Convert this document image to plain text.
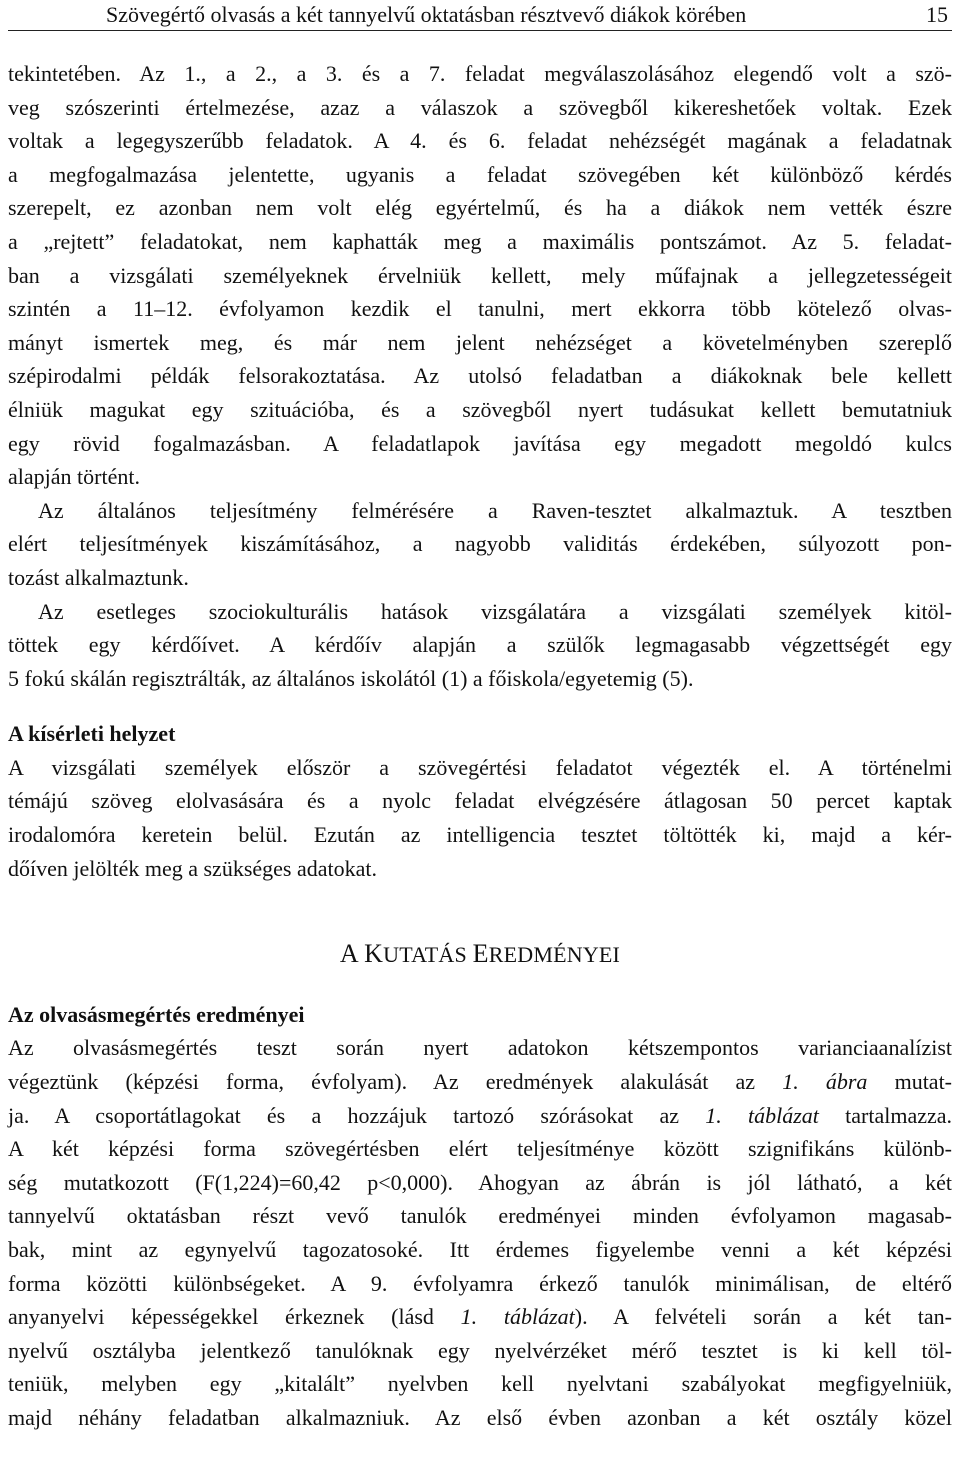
Szövegértő olvasás a két tannyelvű oktatásban résztvevő diákok körében	15
tekintetében. Az 1., a 2., a 3. és a 7. feladat megválaszolásához elegendő volt a szö-
veg szószerinti értelmezése, azaz a válaszok a szövegből kikereshetőek voltak. Ezek
voltak a legegyszerűbb feladatok. A 4. és 6. feladat nehézségét magának a feladatnak
a megfogalmazása jelentette, ugyanis a feladat szövegében két különböző kérdés
szerepelt, ez azonban nem volt elég egyértelmű, és ha a diákok nem vették észre
a „rejtett” feladatokat, nem kaphatták meg a maximális pontszámot. Az 5. feladat-
ban a vizsgálati személyeknek érvelniük kellett, mely műfajnak a jellegzetességeit
szintén a 11–12. évfolyamon kezdik el tanulni, mert ekkorra több kötelező olvas-
mányt ismertek meg, és már nem jelent nehézséget a követelményben szereplő
szépirodalmi példák felsorakoztatása. Az utolsó feladatban a diákoknak bele kellett
élniük magukat egy szituációba, és a szövegből nyert tudásukat kellett bemutatniuk
egy rövid fogalmazásban. A feladatlapok javítása egy megadott megoldó kulcs
alapján történt.
Az általános teljesítmény felmérésére a Raven-tesztet alkalmaztuk. A tesztben
elért teljesítmények kiszámításához, a nagyobb validitás érdekében, súlyozott pon-
tozást alkalmaztunk.
Az esetleges szociokulturális hatások vizsgálatára a vizsgálati személyek kitöl-
töttek egy kérdőívet. A kérdőív alapján a szülők legmagasabb végzettségét egy
5 fokú skálán regisztrálták, az általános iskolától (1) a főiskola/egyetemig (5).
A kísérleti helyzet
A vizsgálati személyek először a szövegértési feladatot végezték el. A történelmi
témájú szöveg elolvasására és a nyolc feladat elvégzésére átlagosan 50 percet kaptak
irodalomóra keretein belül. Ezután az intelligencia tesztet töltötték ki, majd a kér-
dőíven jelölték meg a szükséges adatokat.
A KUTATÁS EREDMÉNYEI
Az olvasásmegértés eredményei
Az olvasásmegértés teszt során nyert adatokon kétszempontos varianciaanalízist
végeztünk (képzési forma, évfolyam). Az eredmények alakulását az 1. ábra mutat-
ja. A csoportátlagokat és a hozzájuk tartozó szórásokat az 1. táblázat tartalmazza.
A két képzési forma szövegértésben elért teljesítménye között szignifikáns különb-
ség mutatkozott (F(1,224)=60,42 p<0,000). Ahogyan az ábrán is jól látható, a két
tannyelvű oktatásban részt vevő tanulók eredményei minden évfolyamon magasab-
bak, mint az egynyelvű tagozatosoké. Itt érdemes figyelembe venni a két képzési
forma közötti különbségeket. A 9. évfolyamra érkező tanulók minimálisan, de eltérő
anyanyelvi képességekkel érkeznek (lásd 1. táblázat). A felvételi során a két tan-
nyelvű osztályba jelentkező tanulóknak egy nyelvérzéket mérő tesztet is ki kell töl-
teniük, melyben egy „kitalált” nyelvben kell nyelvtani szabályokat megfigyelniük,
majd néhány feladatban alkalmazniuk. Az első évben azonban a két osztály közel
